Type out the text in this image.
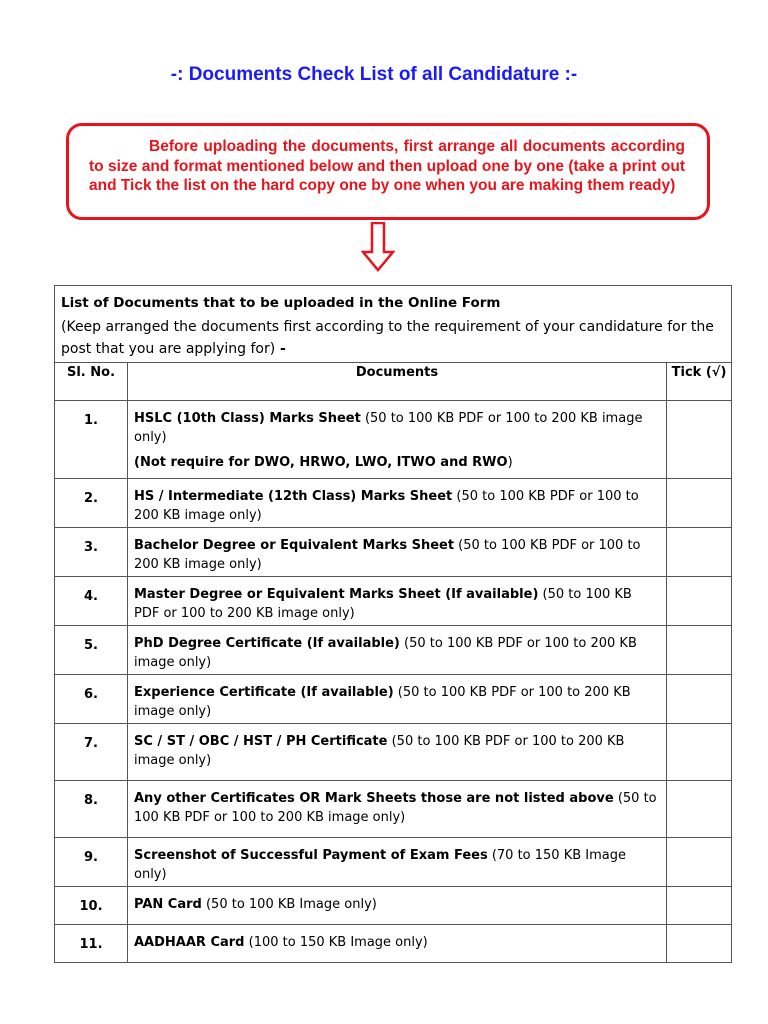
-: Documents Check List of all Candidature :-
Before uploading the documents, first arrange all documents according to size and format mentioned below and then upload one by one (take a print out and Tick the list on the hard copy one by one when you are making them ready)
List of Documents that to be uploaded in the Online Form
(Keep arranged the documents first according to the requirement of your candidature for the post that you are applying for) -		

Sl. No.	Documents	Tick (√)
1.	HSLC (10th Class) Marks Sheet (50 to 100 KB PDF or 100 to 200 KB image only)
(Not require for DWO, HRWO, LWO, ITWO and RWO)	

2.	HS / Intermediate (12th Class) Marks Sheet (50 to 100 KB PDF or 100 to 200 KB image only)	
3.	Bachelor Degree or Equivalent Marks Sheet (50 to 100 KB PDF or 100 to 200 KB image only)	
4.	Master Degree or Equivalent Marks Sheet (If available) (50 to 100 KB PDF or 100 to 200 KB image only)	
5.	PhD Degree Certificate (If available) (50 to 100 KB PDF or 100 to 200 KB image only)	
6.	Experience Certificate (If available) (50 to 100 KB PDF or 100 to 200 KB image only)	
7.	SC / ST / OBC / HST / PH Certificate (50 to 100 KB PDF or 100 to 200 KB image only)	
8.	Any other Certificates OR Mark Sheets those are not listed above (50 to 100 KB PDF or 100 to 200 KB image only)	
9.	Screenshot of Successful Payment of Exam Fees (70 to 150 KB Image only)	
10.	PAN Card (50 to 100 KB Image only)	
11.	AADHAAR Card (100 to 150 KB Image only)	
